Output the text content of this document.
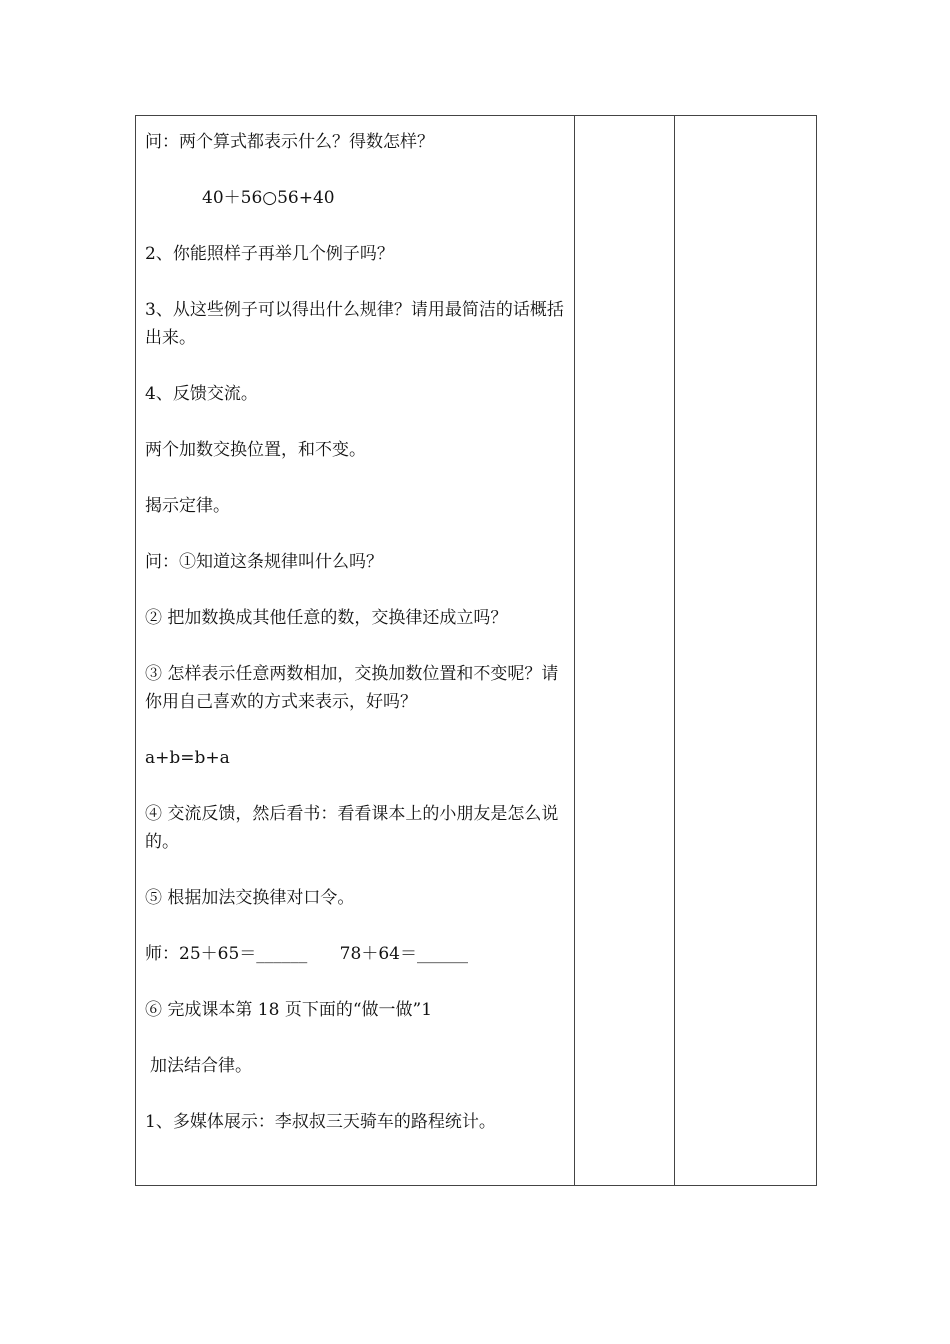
问：两个算式都表示什么？得数怎样？

40＋56○56+40

2、你能照样子再举几个例子吗？

3、从这些例子可以得出什么规律？请用最简洁的话概括出来。

4、反馈交流。

两个加数交换位置，和不变。

揭示定律。

问：①知道这条规律叫什么吗？

② 把加数换成其他任意的数，交换律还成立吗？

③ 怎样表示任意两数相加，交换加数位置和不变呢？请你用自己喜欢的方式来表示，好吗？

a+b=b+a

④ 交流反馈，然后看书：看看课本上的小朋友是怎么说的。

⑤ 根据加法交换律对口令。

师：25＋65＝______      78＋64＝______

⑥ 完成课本第 18 页下面的“做一做”1

加法结合律。

1、多媒体展示：李叔叔三天骑车的路程统计。
